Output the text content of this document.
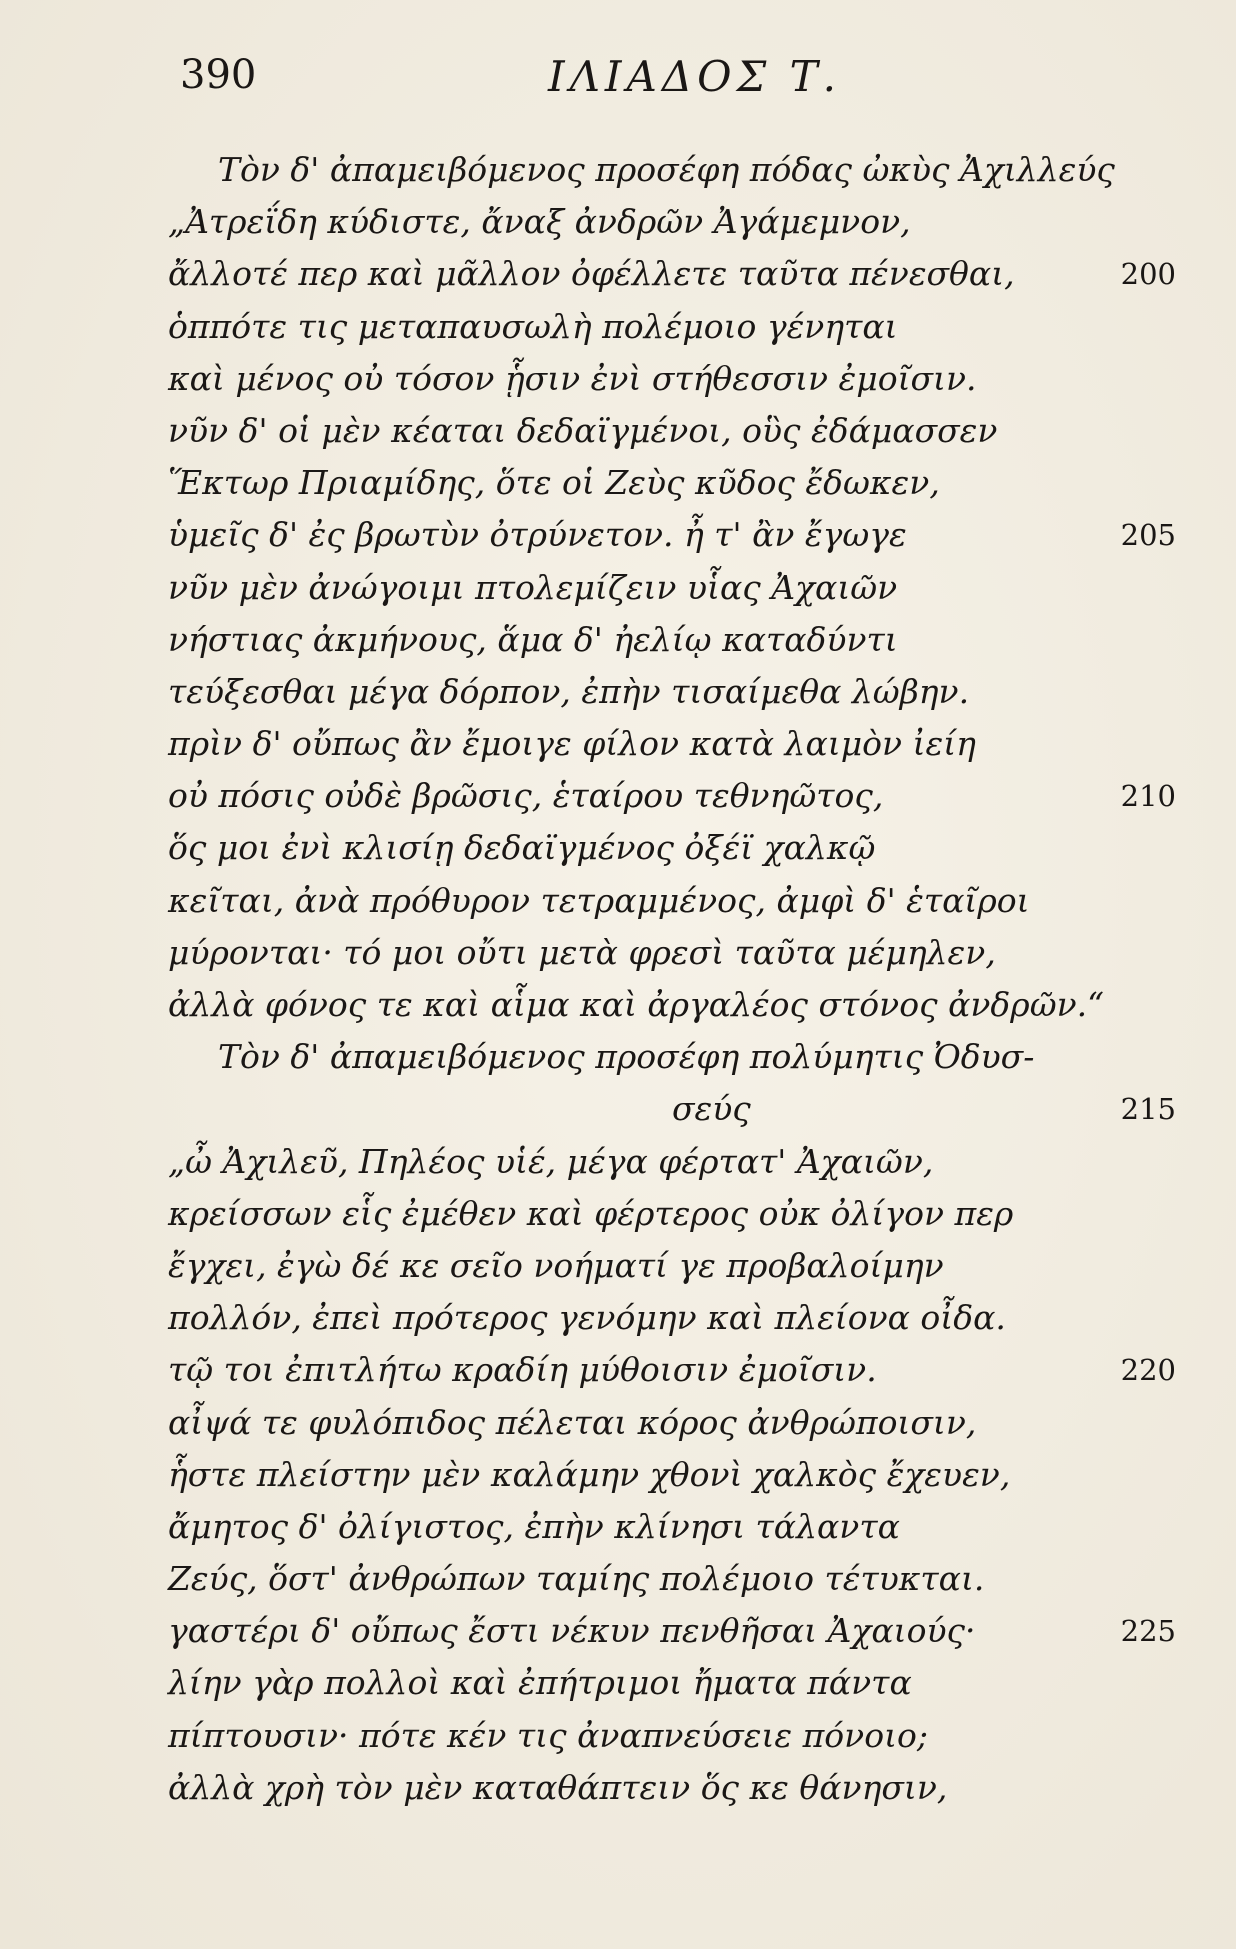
390	ΙΛΙΑΔΟΣ Τ.
Τὸν δ' ἀπαμειβόμενος προσέφη πόδας ὠκὺς Ἀχιλλεύς
„Ἀτρεΐδη κύδιστε, ἄναξ ἀνδρῶν Ἀγάμεμνον,
ἄλλοτέ περ καὶ μᾶλλον ὀφέλλετε ταῦτα πένεσθαι,	200
ὁππότε τις μεταπαυσωλὴ πολέμοιο γένηται
καὶ μένος οὐ τόσον ᾗσιν ἐνὶ στήθεσσιν ἐμοῖσιν.
νῦν δ' οἱ μὲν κέαται δεδαϊγμένοι, οὓς ἐδάμασσεν
Ἕκτωρ Πριαμίδης, ὅτε οἱ Ζεὺς κῦδος ἔδωκεν,
ὑμεῖς δ' ἐς βρωτὺν ὀτρύνετον. ἦ τ' ἂν ἔγωγε	205
νῦν μὲν ἀνώγοιμι πτολεμίζειν υἷας Ἀχαιῶν
νήστιας ἀκμήνους, ἅμα δ' ἠελίῳ καταδύντι
τεύξεσθαι μέγα δόρπον, ἐπὴν τισαίμεθα λώβην.
πρὶν δ' οὔπως ἂν ἔμοιγε φίλον κατὰ λαιμὸν ἰείη
οὐ πόσις οὐδὲ βρῶσις, ἑταίρου τεθνηῶτος,	210
ὅς μοι ἐνὶ κλισίῃ δεδαϊγμένος ὀξέϊ χαλκῷ
κεῖται, ἀνὰ πρόθυρον τετραμμένος, ἀμφὶ δ' ἑταῖροι
μύρονται· τό μοι οὔτι μετὰ φρεσὶ ταῦτα μέμηλεν,
ἀλλὰ φόνος τε καὶ αἷμα καὶ ἀργαλέος στόνος ἀνδρῶν.“
Τὸν δ' ἀπαμειβόμενος προσέφη πολύμητις Ὀδυσ-
σεύς	215
„ὦ Ἀχιλεῦ, Πηλέος υἱέ, μέγα φέρτατ' Ἀχαιῶν,
κρείσσων εἷς ἐμέθεν καὶ φέρτερος οὐκ ὀλίγον περ
ἔγχει, ἐγὼ δέ κε σεῖο νοήματί γε προβαλοίμην
πολλόν, ἐπεὶ πρότερος γενόμην καὶ πλείονα οἶδα.
τῷ τοι ἐπιτλήτω κραδίη μύθοισιν ἐμοῖσιν.	220
αἶψά τε φυλόπιδος πέλεται κόρος ἀνθρώποισιν,
ἧστε πλείστην μὲν καλάμην χθονὶ χαλκὸς ἔχευεν,
ἄμητος δ' ὀλίγιστος, ἐπὴν κλίνησι τάλαντα
Ζεύς, ὅστ' ἀνθρώπων ταμίης πολέμοιο τέτυκται.
γαστέρι δ' οὔπως ἔστι νέκυν πενθῆσαι Ἀχαιούς·	225
λίην γὰρ πολλοὶ καὶ ἐπήτριμοι ἤματα πάντα
πίπτουσιν· πότε κέν τις ἀναπνεύσειε πόνοιο;
ἀλλὰ χρὴ τὸν μὲν καταθάπτειν ὅς κε θάνησιν,
